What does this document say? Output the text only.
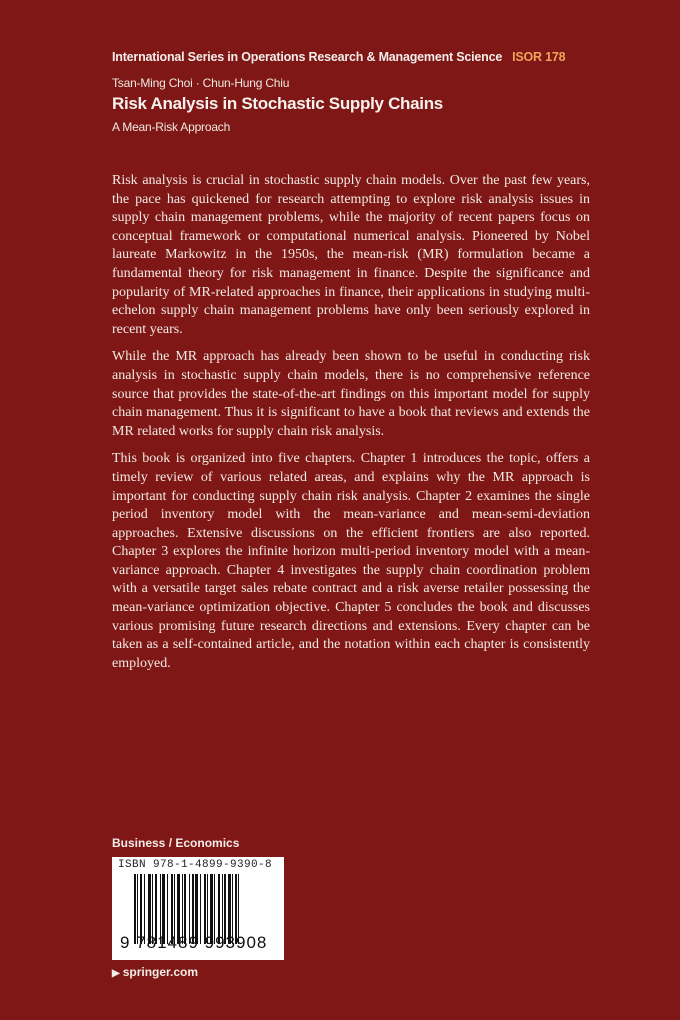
International Series in Operations Research & Management Science ISOR 178
Tsan-Ming Choi · Chun-Hung Chiu
Risk Analysis in Stochastic Supply Chains
A Mean-Risk Approach

Risk analysis is crucial in stochastic supply chain models. Over the past few years, the pace has quickened for research attempting to explore risk analysis issues in supply chain management problems, while the majority of recent papers focus on conceptual framework or computational numerical analysis. Pioneered by Nobel laureate Markowitz in the 1950s, the mean-risk (MR) formulation became a fundamental theory for risk management in finance. Despite the significance and popularity of MR-related approaches in finance, their applications in studying multi-echelon supply chain management problems have only been seriously explored in recent years.

While the MR approach has already been shown to be useful in conducting risk analysis in stochastic supply chain models, there is no comprehensive reference source that provides the state-of-the-art findings on this important model for supply chain management. Thus it is significant to have a book that reviews and extends the MR related works for supply chain risk analysis.

This book is organized into five chapters. Chapter 1 introduces the topic, offers a timely review of various related areas, and explains why the MR approach is important for conducting supply chain risk analysis. Chapter 2 examines the single period inventory model with the mean-variance and mean-semi-deviation approaches. Extensive discussions on the efficient frontiers are also reported. Chapter 3 explores the infinite horizon multi-period inventory model with a mean-variance approach. Chapter 4 investigates the supply chain coordination problem with a versatile target sales rebate contract and a risk averse retailer possessing the mean-variance optimization objective. Chapter 5 concludes the book and discusses various promising future research directions and extensions. Every chapter can be taken as a self-contained article, and the notation within each chapter is consistently employed.

Business / Economics
ISBN 978-1-4899-9390-8
9 781489 993908
▶ springer.com
